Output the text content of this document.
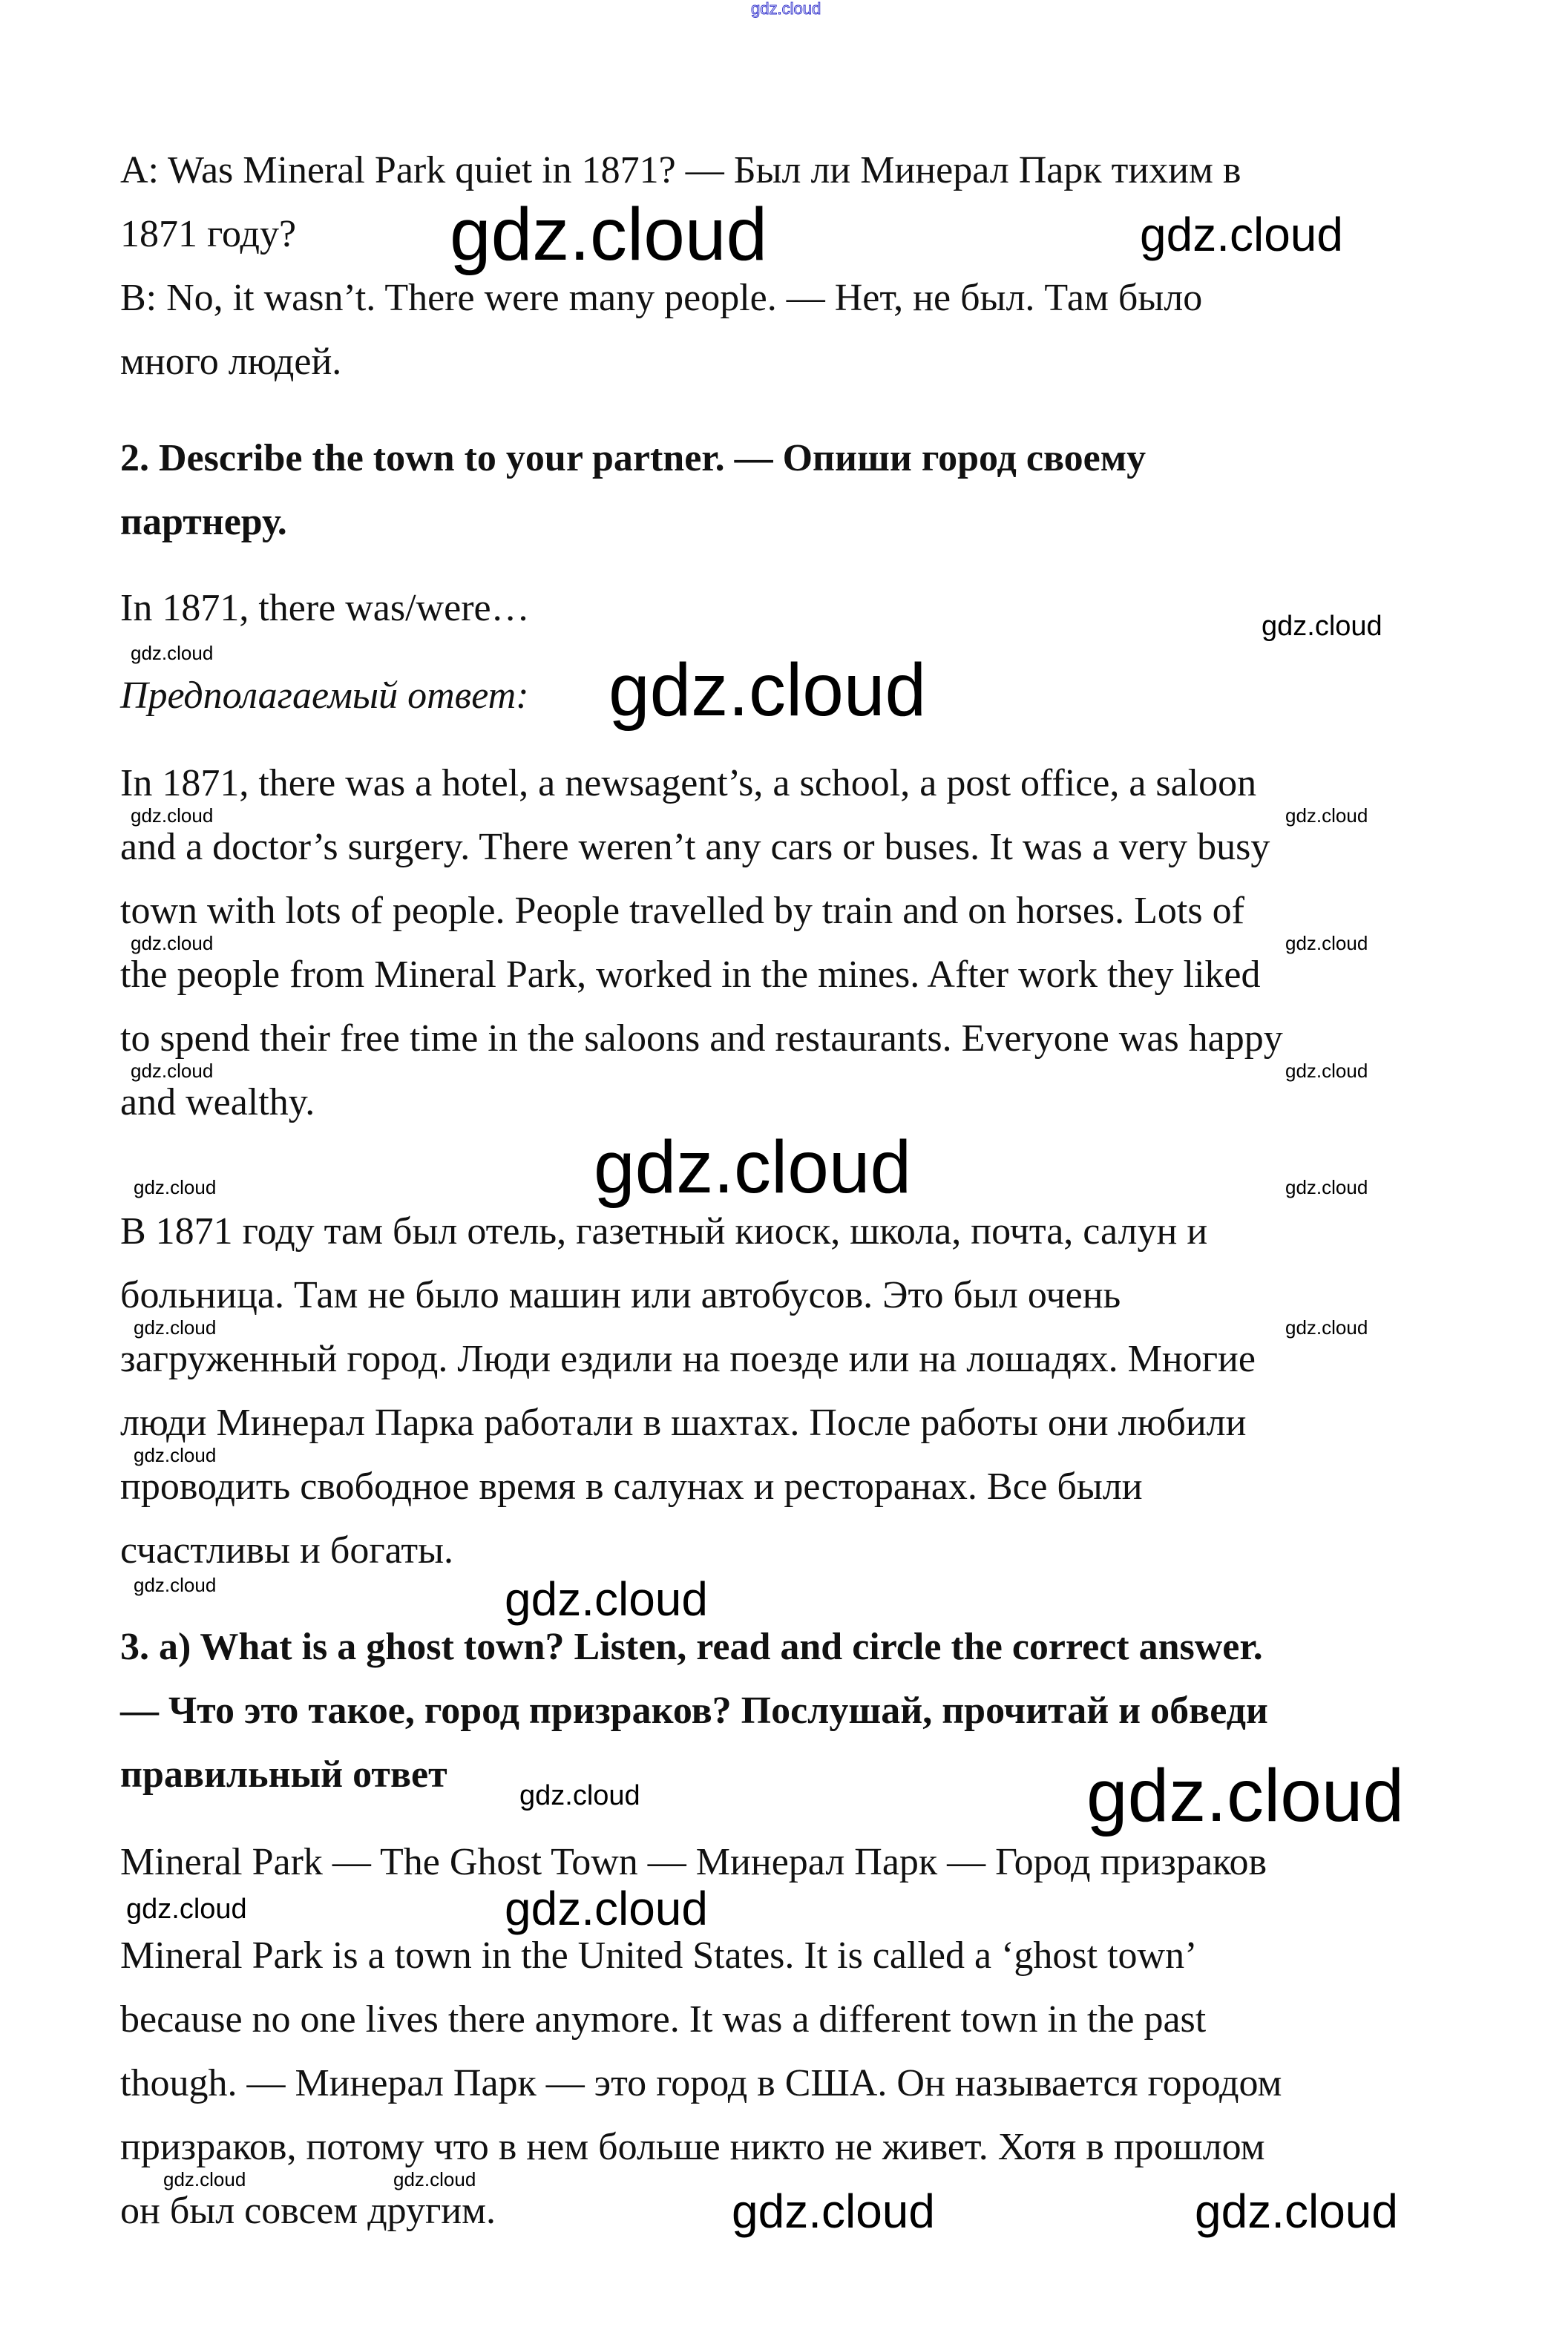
A: Was Mineral Park quiet in 1871? — Был ли Минерал Парк тихим в
1871 году?
B: No, it wasn’t. There were many people. — Нет, не был. Там было
много людей.
2. Describe the town to your partner. — Опиши город своему
партнеру.
In 1871, there was/were…
Предполагаемый ответ:
In 1871, there was a hotel, a newsagent’s, a school, a post office, a saloon
and a doctor’s surgery. There weren’t any cars or buses. It was a very busy
town with lots of people. People travelled by train and on horses. Lots of
the people from Mineral Park, worked in the mines. After work they liked
to spend their free time in the saloons and restaurants. Everyone was happy
and wealthy.
В 1871 году там был отель, газетный киоск, школа, почта, салун и
больница. Там не было машин или автобусов. Это был очень
загруженный город. Люди ездили на поезде или на лошадях. Многие
люди Минерал Парка работали в шахтах. После работы они любили
проводить свободное время в салунах и ресторанах. Все были
счастливы и богаты.
3. a) What is a ghost town? Listen, read and circle the correct answer.
— Что это такое, город призраков? Послушай, прочитай и обведи
правильный ответ
Mineral Park — The Ghost Town — Минерал Парк — Город призраков
Mineral Park is a town in the United States. It is called a ‘ghost town’
because no one lives there anymore. It was a different town in the past
though. — Минерал Парк — это город в США. Он называется городом
призраков, потому что в нем больше никто не живет. Хотя в прошлом
он был совсем другим.
gdz.cloud
gdz.cloud	gdz.cloud
gdz.cloud
gdz.cloud	gdz.cloud
gdz.cloud	gdz.cloud
gdz.cloud	gdz.cloud
gdz.cloud	gdz.cloud
gdz.cloud
gdz.cloud	gdz.cloud
gdz.cloud	gdz.cloud
gdz.cloud
gdz.cloud	gdz.cloud
gdz.cloud	gdz.cloud
gdz.cloud
gdz.cloud
gdz.cloud	gdz.cloud
gdz.cloud	gdz.cloud
